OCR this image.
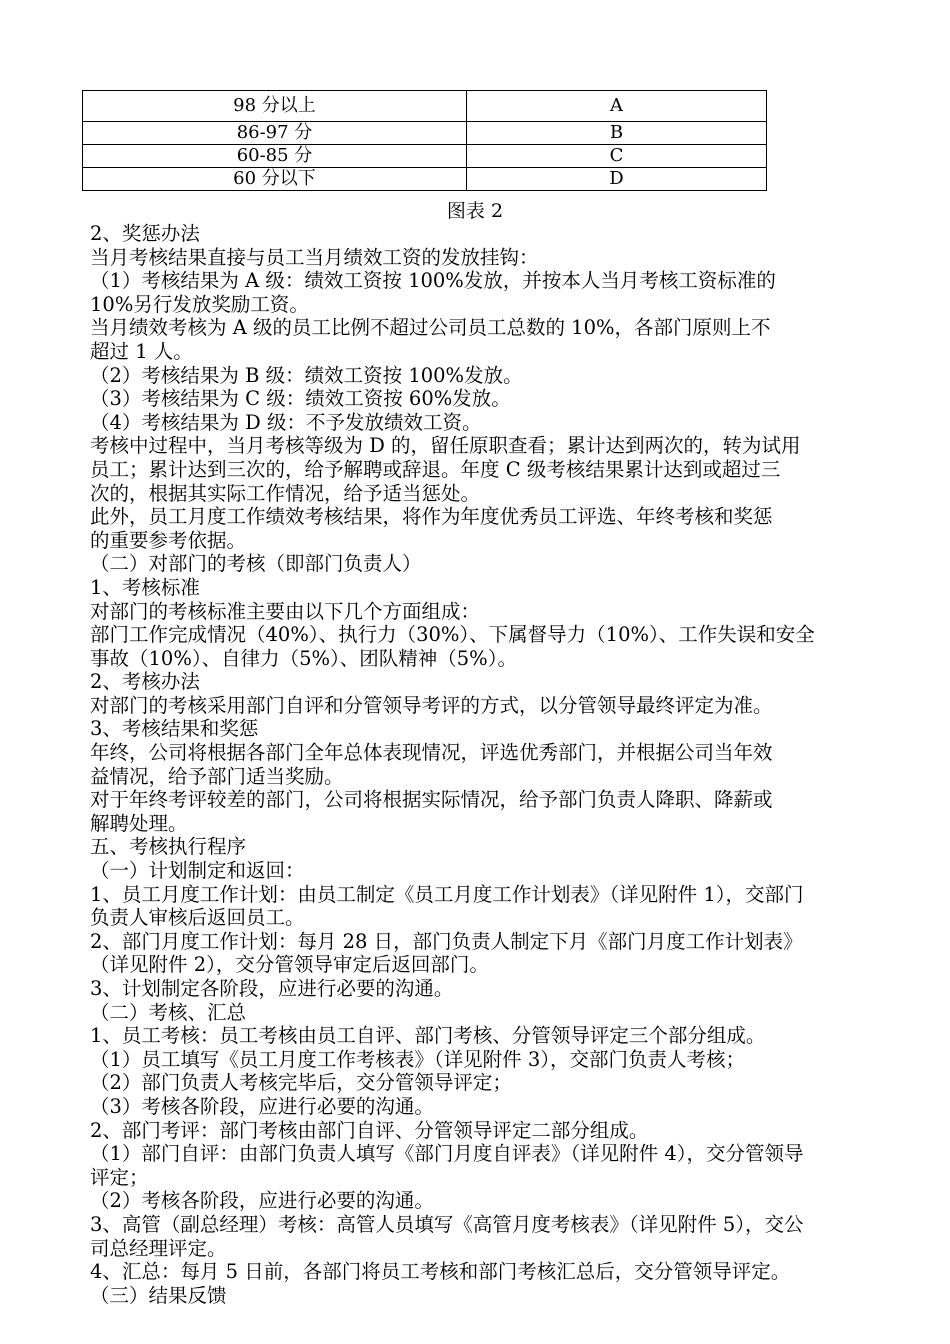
98 分以上	A
86-97 分	B
60-85 分	C
60 分以下	D
图表 2

2、奖惩办法

当月考核结果直接与员工当月绩效工资的发放挂钩：

（1）考核结果为 A 级：绩效工资按 100%发放，并按本人当月考核工资标准的

10%另行发放奖励工资。

当月绩效考核为 A 级的员工比例不超过公司员工总数的 10%，各部门原则上不

超过 1 人。

（2）考核结果为 B 级：绩效工资按 100%发放。

（3）考核结果为 C 级：绩效工资按 60%发放。

（4）考核结果为 D 级：不予发放绩效工资。

考核中过程中，当月考核等级为 D 的，留任原职查看；累计达到两次的，转为试用

员工；累计达到三次的，给予解聘或辞退。年度 C 级考核结果累计达到或超过三

次的，根据其实际工作情况，给予适当惩处。

此外，员工月度工作绩效考核结果，将作为年度优秀员工评选、年终考核和奖惩

的重要参考依据。

（二）对部门的考核（即部门负责人）

1、考核标准

对部门的考核标准主要由以下几个方面组成：

部门工作完成情况（40%）、执行力（30%）、下属督导力（10%）、工作失误和安全

事故（10%）、自律力（5%）、团队精神（5%）。

2、考核办法

对部门的考核采用部门自评和分管领导考评的方式，以分管领导最终评定为准。

3、考核结果和奖惩

年终，公司将根据各部门全年总体表现情况，评选优秀部门，并根据公司当年效

益情况，给予部门适当奖励。

对于年终考评较差的部门，公司将根据实际情况，给予部门负责人降职、降薪或

解聘处理。

五、考核执行程序

（一）计划制定和返回：

1、员工月度工作计划：由员工制定《员工月度工作计划表》（详见附件 1），交部门

负责人审核后返回员工。

2、部门月度工作计划：每月 28 日，部门负责人制定下月《部门月度工作计划表》

（详见附件 2），交分管领导审定后返回部门。

3、计划制定各阶段，应进行必要的沟通。

（二）考核、汇总

1、员工考核：员工考核由员工自评、部门考核、分管领导评定三个部分组成。

（1）员工填写《员工月度工作考核表》（详见附件 3），交部门负责人考核；

（2）部门负责人考核完毕后，交分管领导评定；

（3）考核各阶段，应进行必要的沟通。

2、部门考评：部门考核由部门自评、分管领导评定二部分组成。

（1）部门自评：由部门负责人填写《部门月度自评表》（详见附件 4），交分管领导

评定；

（2）考核各阶段，应进行必要的沟通。

3、高管（副总经理）考核：高管人员填写《高管月度考核表》（详见附件 5），交公

司总经理评定。

4、汇总：每月 5 日前，各部门将员工考核和部门考核汇总后，交分管领导评定。

（三）结果反馈
